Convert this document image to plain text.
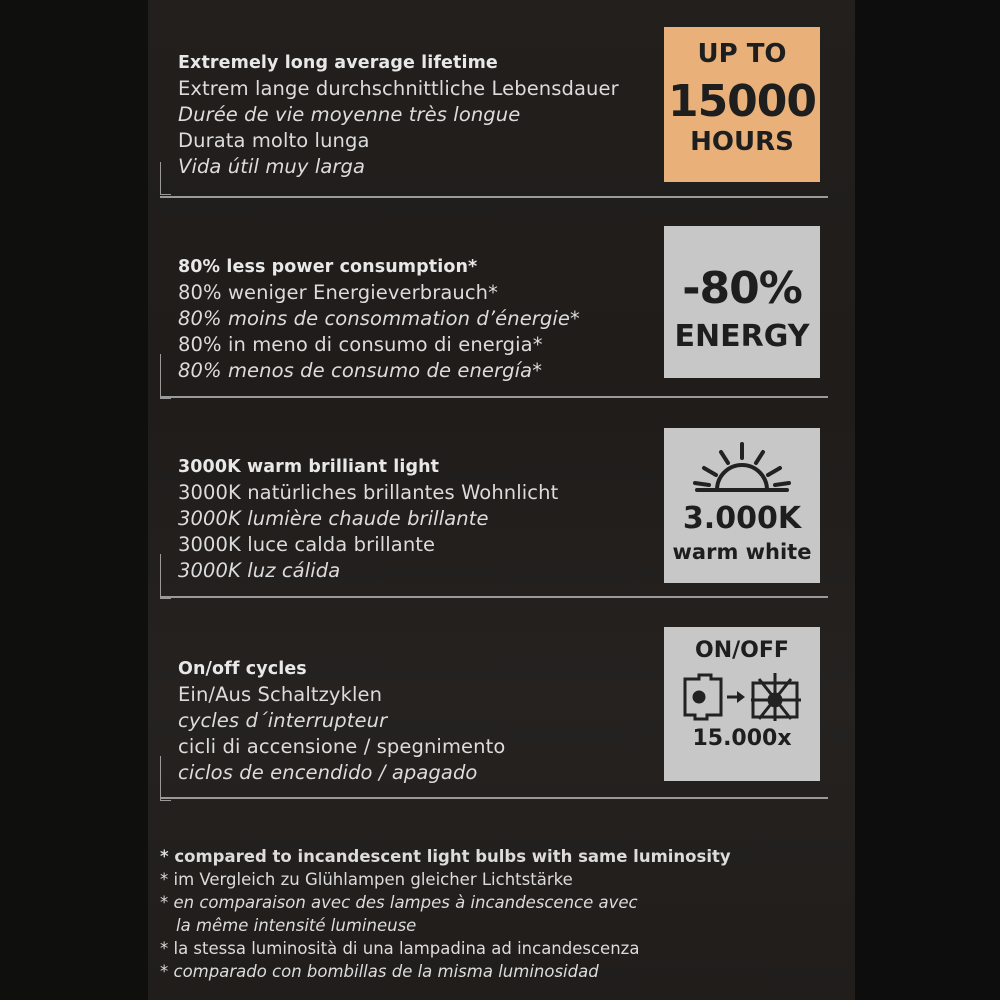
Extremely long average lifetime
Extrem lange durchschnittliche Lebensdauer
Durée de vie moyenne très longue
Durata molto lunga
Vida útil muy larga
UP TO
15000
HOURS
80% less power consumption*
80% weniger Energieverbrauch*
80% moins de consommation d’énergie*
80% in meno di consumo di energia*
80% menos de consumo de energía*
-80%
ENERGY
3000K warm brilliant light
3000K natürliches brillantes Wohnlicht
3000K lumière chaude brillante
3000K luce calda brillante
3000K luz cálida
3.000K
warm white
On/off cycles
Ein/Aus Schaltzyklen
cycles d´interrupteur
cicli di accensione / spegnimento
ciclos de encendido / apagado
ON/OFF
15.000x
* compared to incandescent light bulbs with same luminosity
* im Vergleich zu Glühlampen gleicher Lichtstärke
* en comparaison avec des lampes à incandescence avec
la même intensité lumineuse
* la stessa luminosità di una lampadina ad incandescenza
* comparado con bombillas de la misma luminosidad
